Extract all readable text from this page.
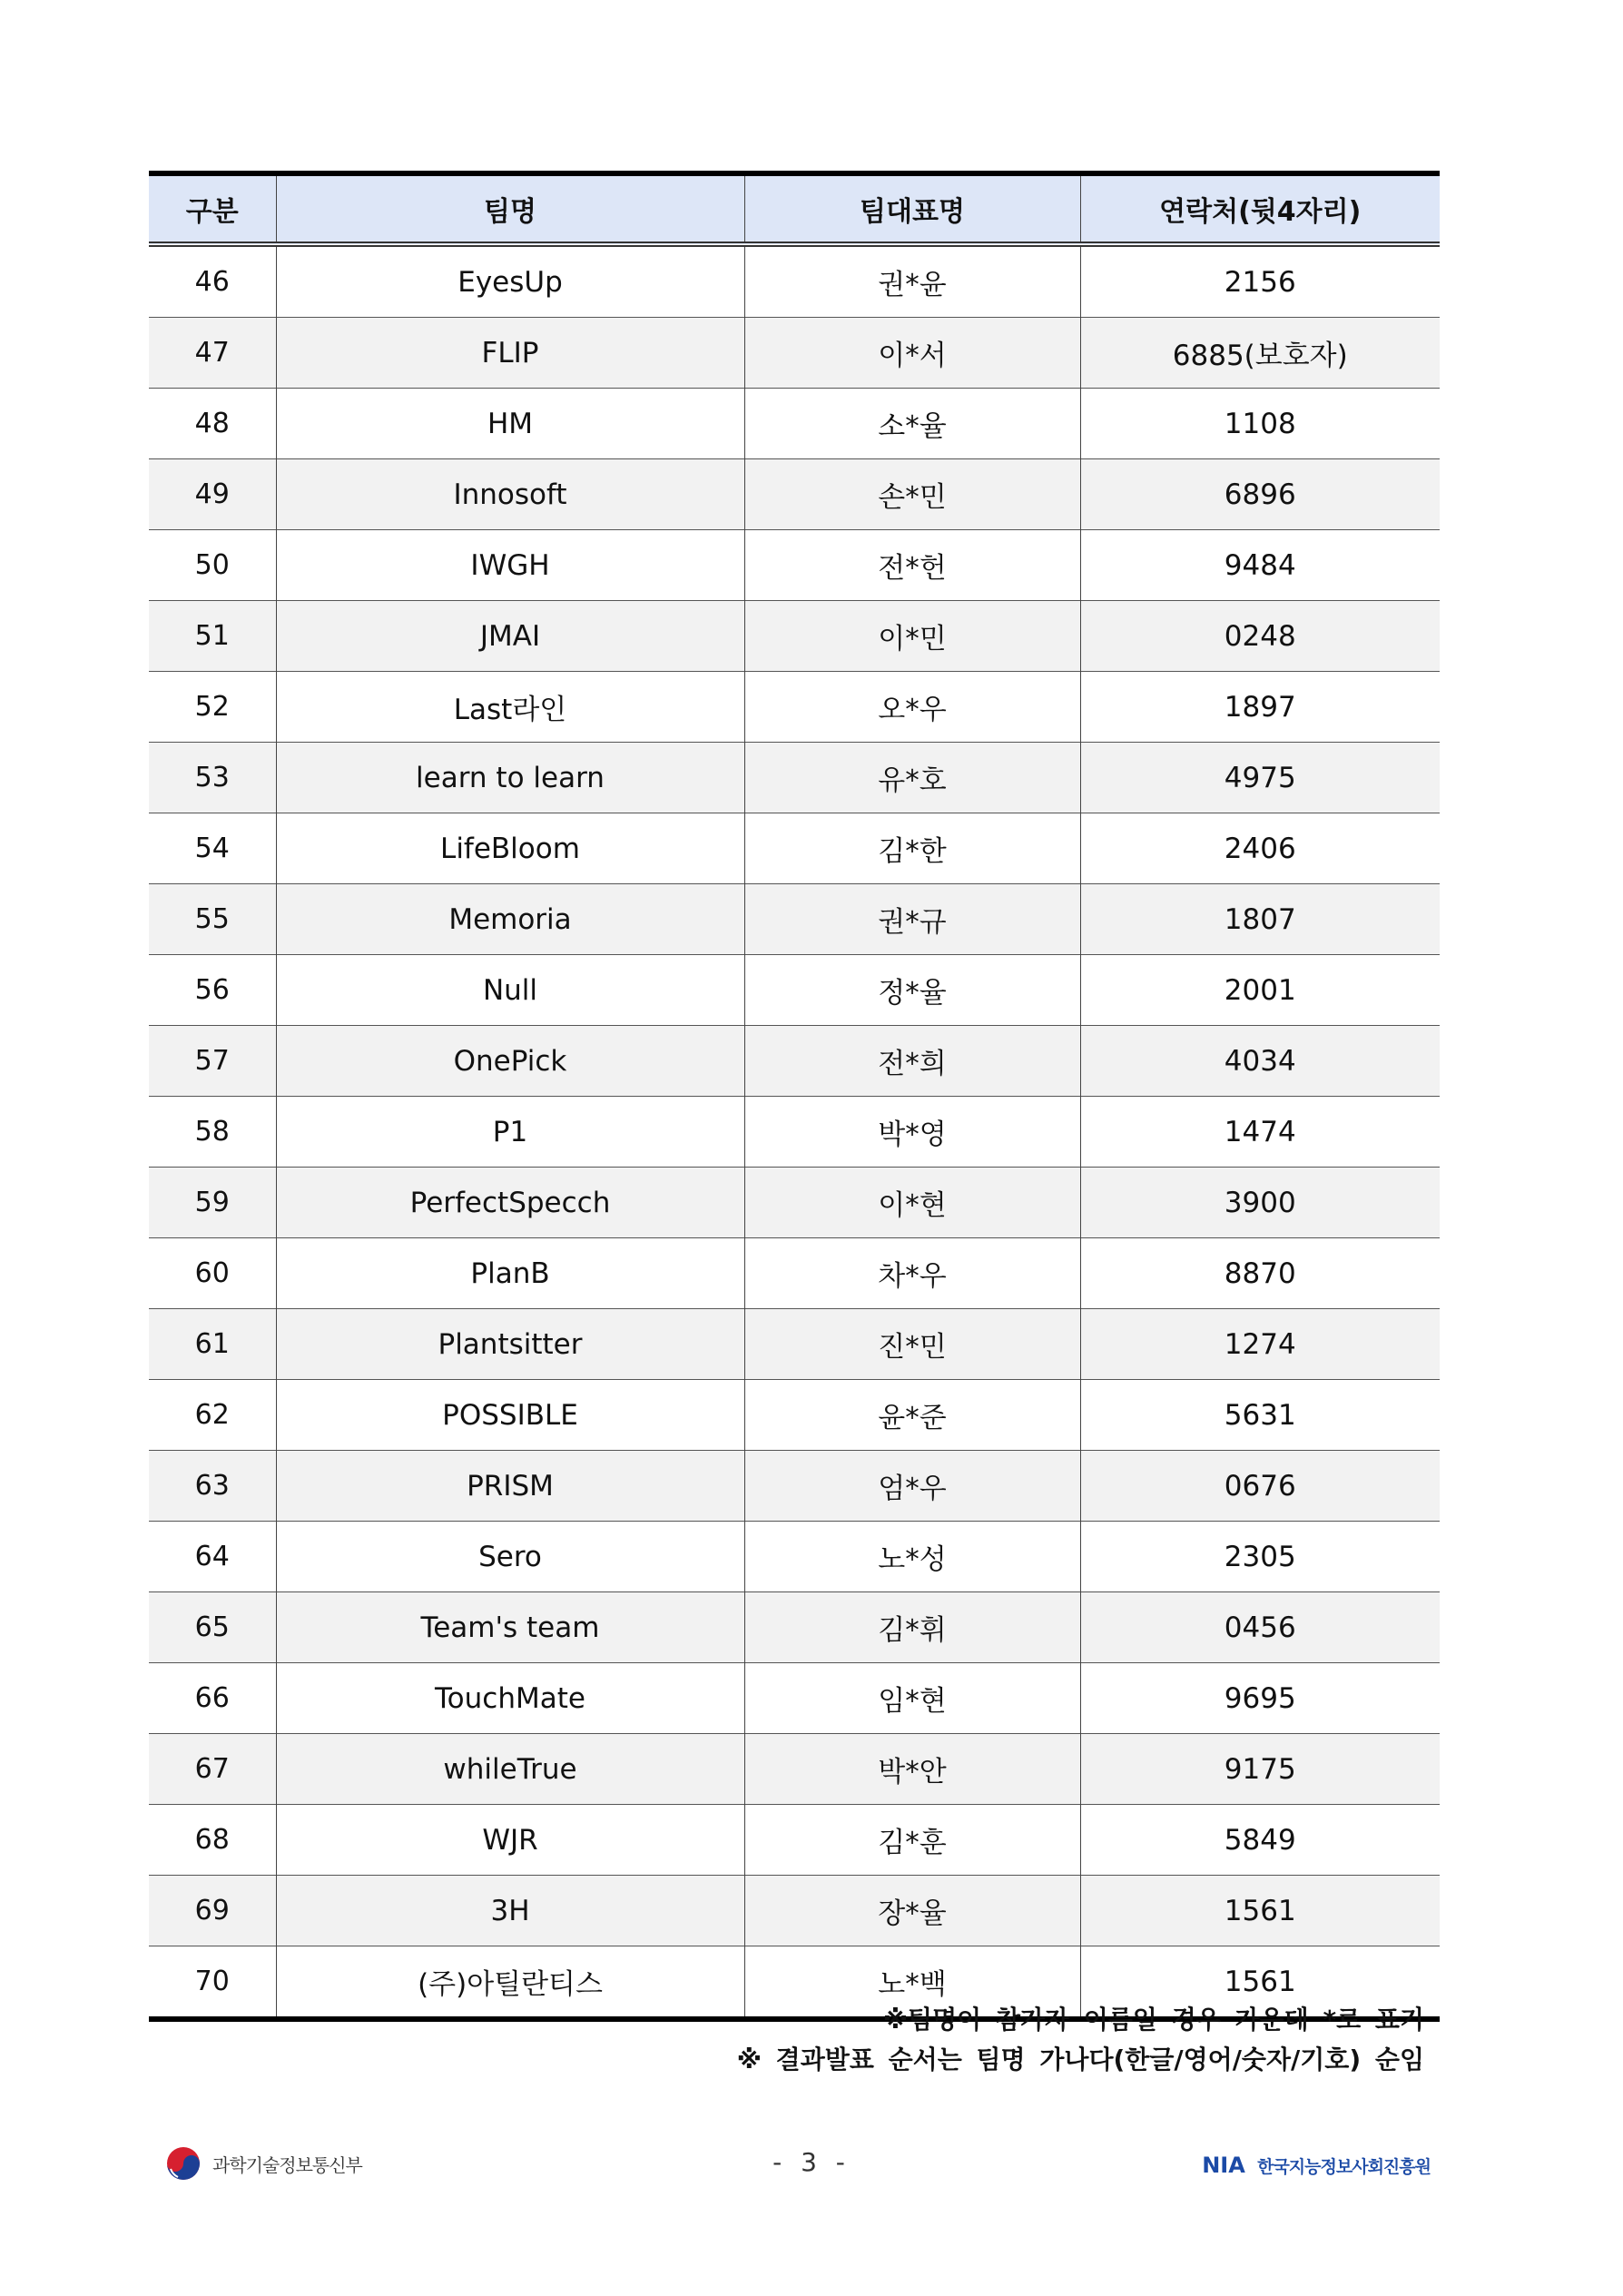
구분	팀명	팀대표명	연락처(뒷4자리)
46	EyesUp	권*윤	2156
47	FLIP	이*서	6885(보호자)
48	HM	소*율	1108
49	Innosoft	손*민	6896
50	IWGH	전*헌	9484
51	JMAI	이*민	0248
52	Last라인	오*우	1897
53	learn to learn	유*호	4975
54	LifeBloom	김*한	2406
55	Memoria	권*규	1807
56	Null	정*율	2001
57	OnePick	전*희	4034
58	P1	박*영	1474
59	PerfectSpecch	이*현	3900
60	PlanB	차*우	8870
61	Plantsitter	진*민	1274
62	POSSIBLE	윤*준	5631
63	PRISM	엄*우	0676
64	Sero	노*성	2305
65	Team's team	김*휘	0456
66	TouchMate	임*현	9695
67	whileTrue	박*안	9175
68	WJR	김*훈	5849
69	3H	장*율	1561
70	(주)아틸란티스	노*백	1561
※팀명이 참가자 이름일 경우 가운데 *로 표기
※ 결과발표 순서는 팀명 가나다(한글/영어/숫자/기호) 순임
과학기술정보통신부	- 3 -	NIA 한국지능정보사회진흥원
